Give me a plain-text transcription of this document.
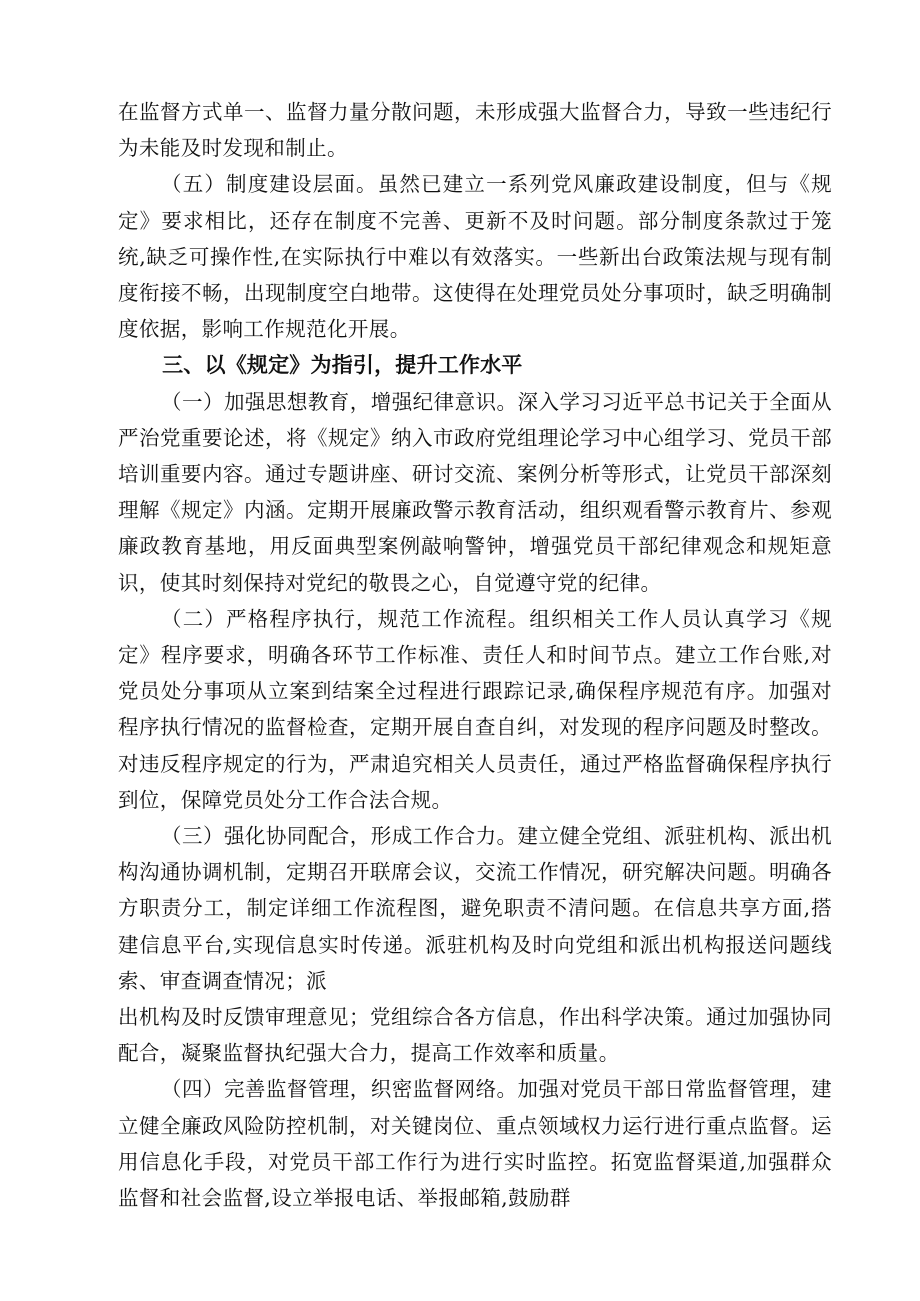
在监督方式单一、监督力量分散问题，未形成强大监督合力，导致一些违纪行为未能及时发现和制止。

（五）制度建设层面。虽然已建立一系列党风廉政建设制度，但与《规定》要求相比，还存在制度不完善、更新不及时问题。部分制度条款过于笼统,缺乏可操作性,在实际执行中难以有效落实。一些新出台政策法规与现有制度衔接不畅，出现制度空白地带。这使得在处理党员处分事项时，缺乏明确制度依据，影响工作规范化开展。

三、以《规定》为指引，提升工作水平

（一）加强思想教育，增强纪律意识。深入学习习近平总书记关于全面从严治党重要论述，将《规定》纳入市政府党组理论学习中心组学习、党员干部培训重要内容。通过专题讲座、研讨交流、案例分析等形式，让党员干部深刻理解《规定》内涵。定期开展廉政警示教育活动，组织观看警示教育片、参观廉政教育基地，用反面典型案例敲响警钟，增强党员干部纪律观念和规矩意识，使其时刻保持对党纪的敬畏之心，自觉遵守党的纪律。

（二）严格程序执行，规范工作流程。组织相关工作人员认真学习《规定》程序要求，明确各环节工作标准、责任人和时间节点。建立工作台账,对党员处分事项从立案到结案全过程进行跟踪记录,确保程序规范有序。加强对程序执行情况的监督检查，定期开展自查自纠，对发现的程序问题及时整改。对违反程序规定的行为，严肃追究相关人员责任，通过严格监督确保程序执行到位，保障党员处分工作合法合规。

（三）强化协同配合，形成工作合力。建立健全党组、派驻机构、派出机构沟通协调机制，定期召开联席会议，交流工作情况，研究解决问题。明确各方职责分工，制定详细工作流程图，避免职责不清问题。在信息共享方面,搭建信息平台,实现信息实时传递。派驻机构及时向党组和派出机构报送问题线索、审查调查情况；派

出机构及时反馈审理意见；党组综合各方信息，作出科学决策。通过加强协同配合，凝聚监督执纪强大合力，提高工作效率和质量。

（四）完善监督管理，织密监督网络。加强对党员干部日常监督管理，建立健全廉政风险防控机制，对关键岗位、重点领域权力运行进行重点监督。运用信息化手段，对党员干部工作行为进行实时监控。拓宽监督渠道,加强群众监督和社会监督,设立举报电话、举报邮箱,鼓励群
